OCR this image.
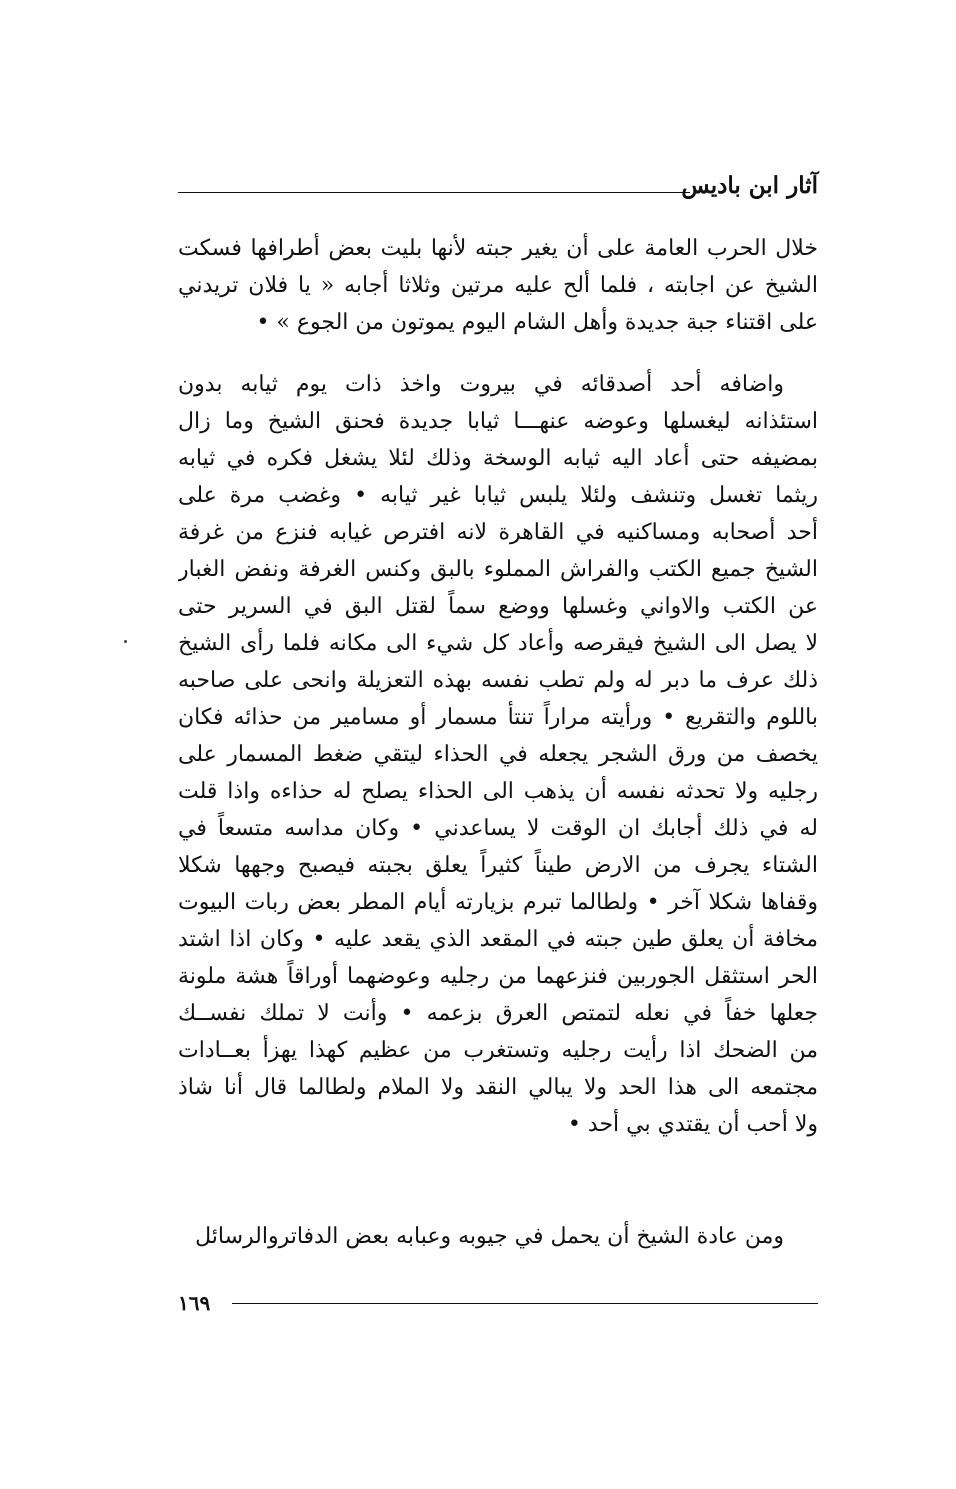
آثار ابن باديس
خلال الحرب العامة على أن يغير جبته لأنها بليت بعض أطرافها فسكت
الشيخ عن اجابته ، فلما ألح عليه مرتين وثلاثا أجابه « يا فلان تريدني
على اقتناء جبة جديدة وأهل الشام اليوم يموتون من الجوع » •
واضافه أحد أصدقائه في بيروت واخذ ذات يوم ثيابه بدون
استئذانه ليغسلها وعوضه عنهـــا ثيابا جديدة فحنق الشيخ وما زال
بمضيفه حتى أعاد اليه ثيابه الوسخة وذلك لئلا يشغل فكره في ثيابه
ريثما تغسل وتنشف ولئلا يلبس ثيابا غير ثيابه • وغضب مرة على
أحد أصحابه ومساكنيه في القاهرة لانه افترص غيابه فنزع من غرفة
الشيخ جميع الكتب والفراش المملوء بالبق وكنس الغرفة ونفض الغبار
عن الكتب والاواني وغسلها ووضع سماً لقتل البق في السرير حتى
لا يصل الى الشيخ فيقرصه وأعاد كل شيء الى مكانه فلما رأى الشيخ
ذلك عرف ما دبر له ولم تطب نفسه بهذه التعزيلة وانحى على صاحبه
باللوم والتقريع • ورأيته مراراً تنتأ مسمار أو مسامير من حذائه فكان
يخصف من ورق الشجر يجعله في الحذاء ليتقي ضغط المسمار على
رجليه ولا تحدثه نفسه أن يذهب الى الحذاء يصلح له حذاءه واذا قلت
له في ذلك أجابك ان الوقت لا يساعدني • وكان مداسه متسعاً في
الشتاء يجرف من الارض طيناً كثيراً يعلق بجبته فيصبح وجهها شكلا
وقفاها شكلا آخر • ولطالما تبرم بزيارته أيام المطر بعض ربات البيوت
مخافة أن يعلق طين جبته في المقعد الذي يقعد عليه • وكان اذا اشتد
الحر استثقل الجوربين فنزعهما من رجليه وعوضهما أوراقاً هشة ملونة
جعلها خفاً في نعله لتمتص العرق بزعمه • وأنت لا تملك نفســك
من الضحك اذا رأيت رجليه وتستغرب من عظيم كهذا يهزأ بعــادات
مجتمعه الى هذا الحد ولا يبالي النقد ولا الملام ولطالما قال أنا شاذ
ولا أحب أن يقتدي بي أحد •
ومن عادة الشيخ أن يحمل في جيوبه وعبابه بعض الدفاتروالرسائل
١٦٩
